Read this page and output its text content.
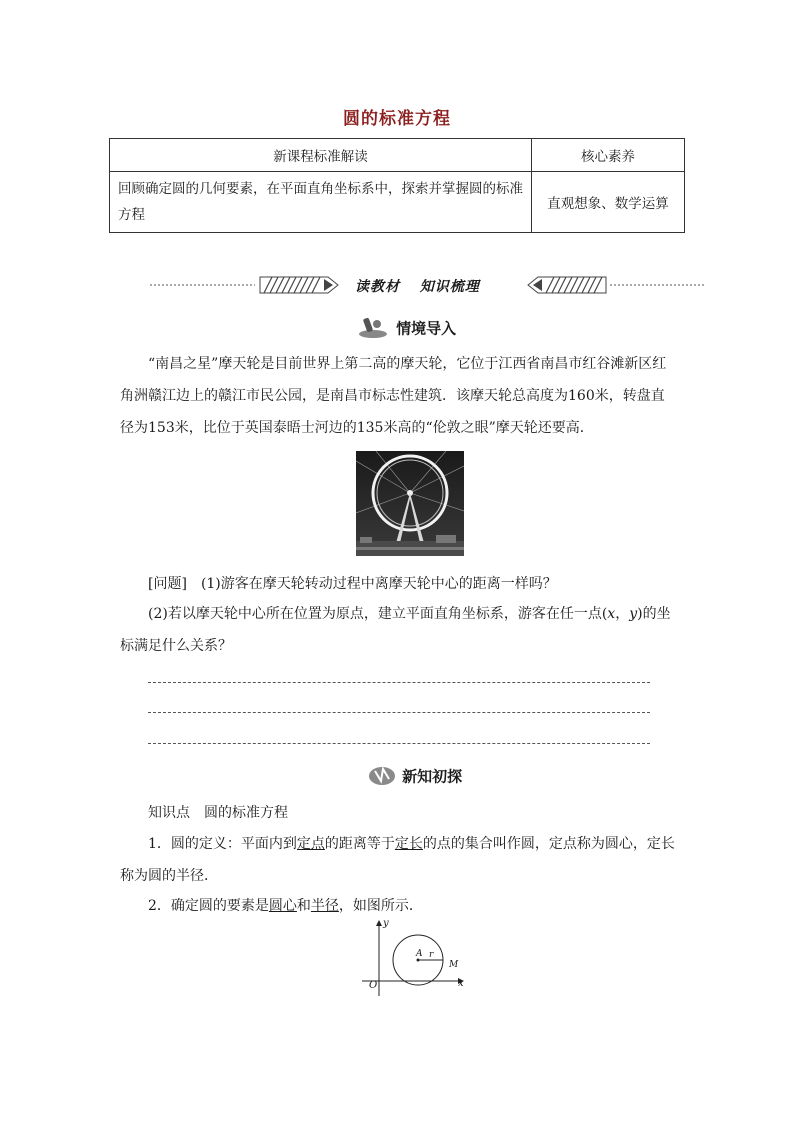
圆的标准方程
新课程标准解读	核心素养
回顾确定圆的几何要素，在平面直角坐标系中，探索并掌握圆的标准方程	直观想象、数学运算
读教材 知识梳理
情境导入
“南昌之星”摩天轮是目前世界上第二高的摩天轮，它位于江西省南昌市红谷滩新区红角洲赣江边上的赣江市民公园，是南昌市标志性建筑．该摩天轮总高度为160米，转盘直径为153米，比位于英国泰晤士河边的135米高的“伦敦之眼”摩天轮还要高．
[问题]　 (1)游客在摩天轮转动过程中离摩天轮中心的距离一样吗？
(2)若以摩天轮中心所在位置为原点，建立平面直角坐标系，游客在任一点(x，y)的坐标满足什么关系？
新知初探
知识点　圆的标准方程
1．圆的定义：平面内到定点的距离等于定长的点的集合叫作圆，定点称为圆心，定长称为圆的半径．
2．确定圆的要素是圆心和半径，如图所示．
y
x
O
A r
M
